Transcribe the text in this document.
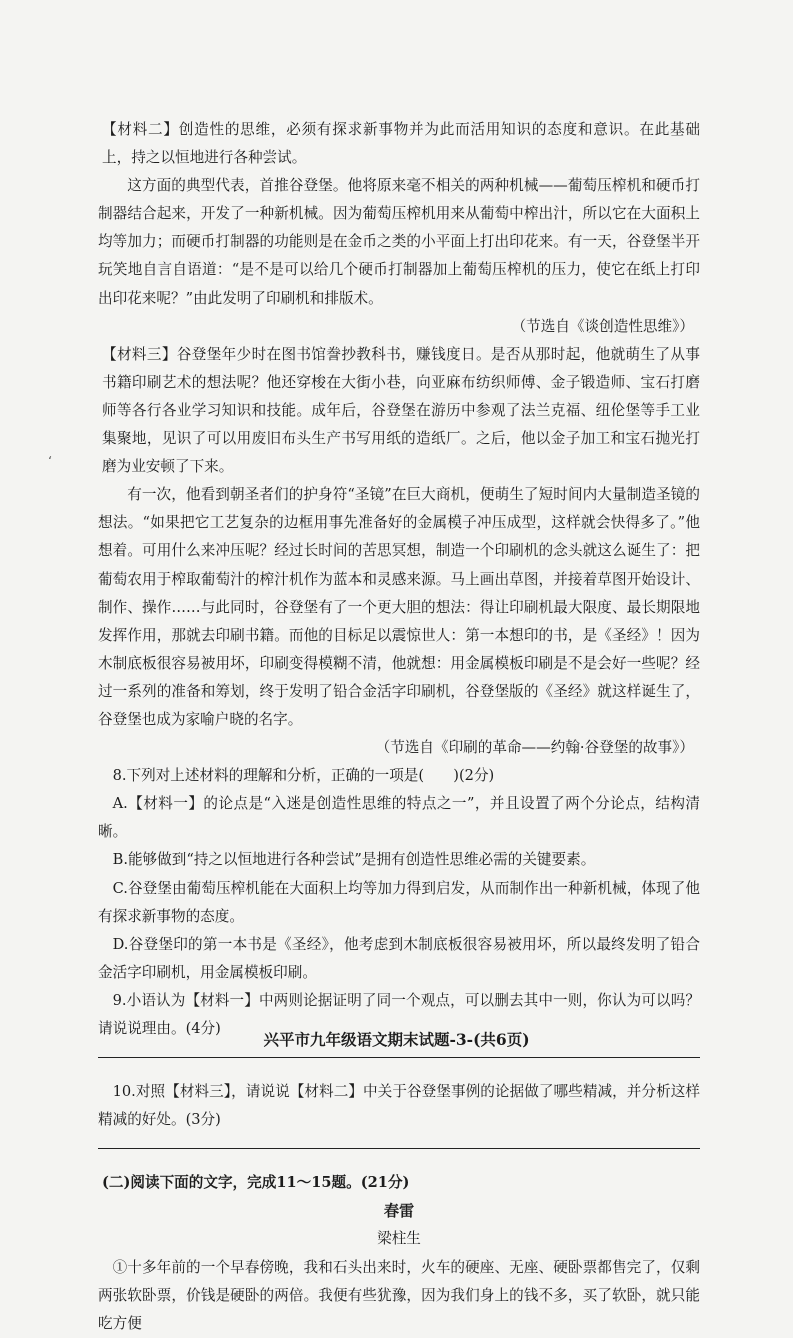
【材料二】创造性的思维，必须有探求新事物并为此而活用知识的态度和意识。在此基础上，持之以恒地进行各种尝试。

这方面的典型代表，首推谷登堡。他将原来毫不相关的两种机械——葡萄压榨机和硬币打制器结合起来，开发了一种新机械。因为葡萄压榨机用来从葡萄中榨出汁，所以它在大面积上均等加力；而硬币打制器的功能则是在金币之类的小平面上打出印花来。有一天，谷登堡半开玩笑地自言自语道：“是不是可以给几个硬币打制器加上葡萄压榨机的压力，使它在纸上打印出印花来呢？”由此发明了印刷机和排版术。

（节选自《谈创造性思维》）

【材料三】谷登堡年少时在图书馆誊抄教科书，赚钱度日。是否从那时起，他就萌生了从事书籍印刷艺术的想法呢？他还穿梭在大街小巷，向亚麻布纺织师傅、金子锻造师、宝石打磨师等各行各业学习知识和技能。成年后，谷登堡在游历中参观了法兰克福、纽伦堡等手工业集聚地，见识了可以用废旧布头生产书写用纸的造纸厂。之后，他以金子加工和宝石抛光打磨为业安顿了下来。

有一次，他看到朝圣者们的护身符“圣镜”在巨大商机，便萌生了短时间内大量制造圣镜的想法。“如果把它工艺复杂的边框用事先准备好的金属模子冲压成型，这样就会快得多了。”他想着。可用什么来冲压呢？经过长时间的苦思冥想，制造一个印刷机的念头就这么诞生了：把葡萄农用于榨取葡萄汁的榨汁机作为蓝本和灵感来源。马上画出草图，并接着草图开始设计、制作、操作……与此同时，谷登堡有了一个更大胆的想法：得让印刷机最大限度、最长期限地发挥作用，那就去印刷书籍。而他的目标足以震惊世人：第一本想印的书，是《圣经》！因为木制底板很容易被用坏，印刷变得模糊不清，他就想：用金属模板印刷是不是会好一些呢？经过一系列的准备和筹划，终于发明了铅合金活字印刷机，谷登堡版的《圣经》就这样诞生了，谷登堡也成为家喻户晓的名字。

（节选自《印刷的革命——约翰·谷登堡的故事》）

8.下列对上述材料的理解和分析，正确的一项是(　　)(2分)

A.【材料一】的论点是“入迷是创造性思维的特点之一”，并且设置了两个分论点，结构清晰。

B.能够做到“持之以恒地进行各种尝试”是拥有创造性思维必需的关键要素。

C.谷登堡由葡萄压榨机能在大面积上均等加力得到启发，从而制作出一种新机械，体现了他有探求新事物的态度。

D.谷登堡印的第一本书是《圣经》，他考虑到木制底板很容易被用坏，所以最终发明了铅合金活字印刷机，用金属模板印刷。

9.小语认为【材料一】中两则论据证明了同一个观点，可以删去其中一则，你认为可以吗？请说说理由。(4分)

10.对照【材料三】，请说说【材料二】中关于谷登堡事例的论据做了哪些精减，并分析这样精减的好处。(3分)

(二)阅读下面的文字，完成11～15题。(21分)

春雷

梁柱生

①十多年前的一个早春傍晚，我和石头出来时，火车的硬座、无座、硬卧票都售完了，仅剩两张软卧票，价钱是硬卧的两倍。我便有些犹豫，因为我们身上的钱不多，买了软卧，就只能吃方便

‘
兴平市九年级语文期末试题-3-(共6页)
